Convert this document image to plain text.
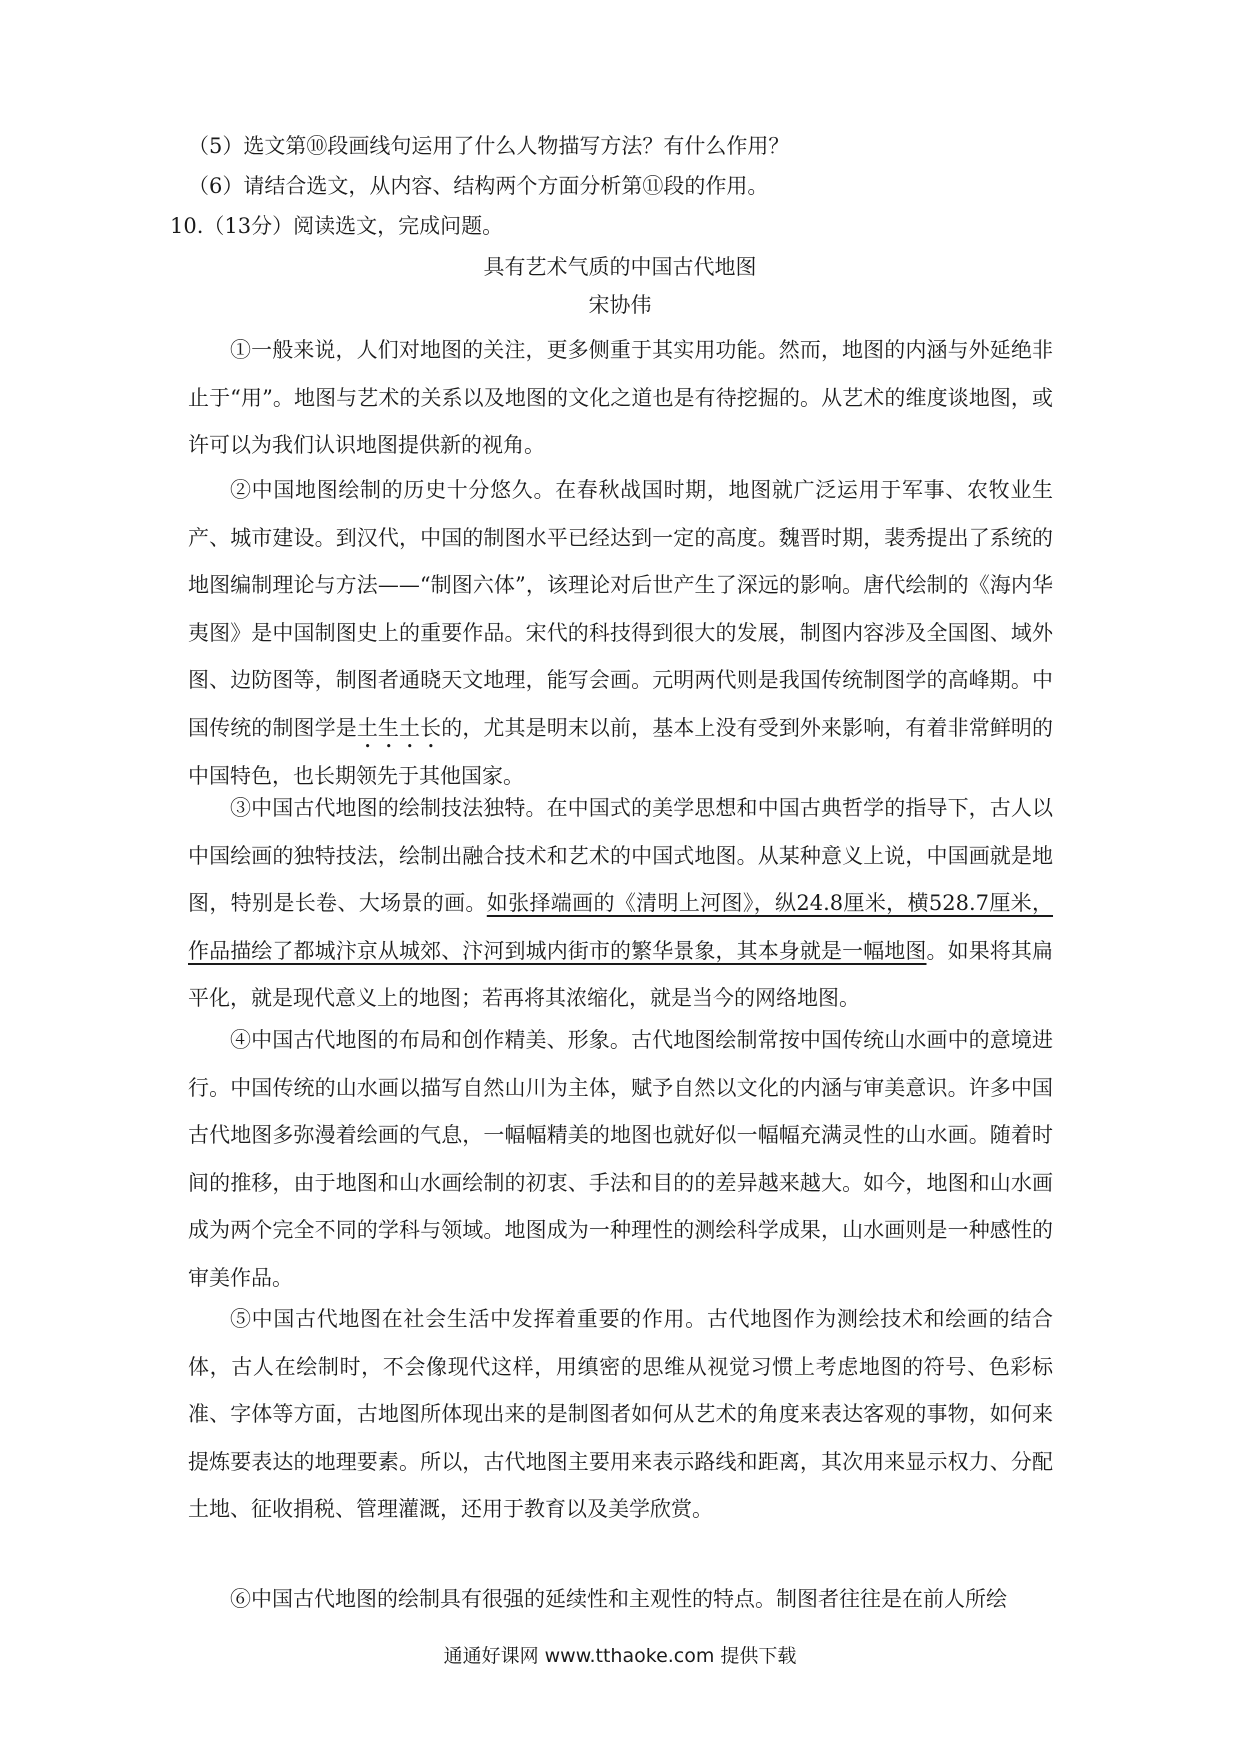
（5）选文第⑩段画线句运用了什么人物描写方法？有什么作用？
（6）请结合选文，从内容、结构两个方面分析第⑪段的作用。
10.（13分）阅读选文，完成问题。
具有艺术气质的中国古代地图
宋协伟
①一般来说，人们对地图的关注，更多侧重于其实用功能。然而，地图的内涵与外延绝非止于“用”。地图与艺术的关系以及地图的文化之道也是有待挖掘的。从艺术的维度谈地图，或许可以为我们认识地图提供新的视角。
②中国地图绘制的历史十分悠久。在春秋战国时期，地图就广泛运用于军事、农牧业生产、城市建设。到汉代，中国的制图水平已经达到一定的高度。魏晋时期，裴秀提出了系统的地图编制理论与方法——“制图六体”，该理论对后世产生了深远的影响。唐代绘制的《海内华夷图》是中国制图史上的重要作品。宋代的科技得到很大的发展，制图内容涉及全国图、域外图、边防图等，制图者通晓天文地理，能写会画。元明两代则是我国传统制图学的高峰期。中国传统的制图学是土生土长的，尤其是明末以前，基本上没有受到外来影响，有着非常鲜明的中国特色，也长期领先于其他国家。
③中国古代地图的绘制技法独特。在中国式的美学思想和中国古典哲学的指导下，古人以中国绘画的独特技法，绘制出融合技术和艺术的中国式地图。从某种意义上说，中国画就是地图，特别是长卷、大场景的画。如张择端画的《清明上河图》，纵24.8厘米，横528.7厘米，作品描绘了都城汴京从城郊、汴河到城内街市的繁华景象，其本身就是一幅地图。如果将其扁平化，就是现代意义上的地图；若再将其浓缩化，就是当今的网络地图。
④中国古代地图的布局和创作精美、形象。古代地图绘制常按中国传统山水画中的意境进行。中国传统的山水画以描写自然山川为主体，赋予自然以文化的内涵与审美意识。许多中国古代地图多弥漫着绘画的气息，一幅幅精美的地图也就好似一幅幅充满灵性的山水画。随着时间的推移，由于地图和山水画绘制的初衷、手法和目的的差异越来越大。如今，地图和山水画成为两个完全不同的学科与领域。地图成为一种理性的测绘科学成果，山水画则是一种感性的审美作品。
⑤中国古代地图在社会生活中发挥着重要的作用。古代地图作为测绘技术和绘画的结合体，古人在绘制时，不会像现代这样，用缜密的思维从视觉习惯上考虑地图的符号、色彩标准、字体等方面，古地图所体现出来的是制图者如何从艺术的角度来表达客观的事物，如何来提炼要表达的地理要素。所以，古代地图主要用来表示路线和距离，其次用来显示权力、分配土地、征收捐税、管理灌溉，还用于教育以及美学欣赏。
⑥中国古代地图的绘制具有很强的延续性和主观性的特点。制图者往往是在前人所绘
通通好课网 www.tthaoke.com 提供下载
